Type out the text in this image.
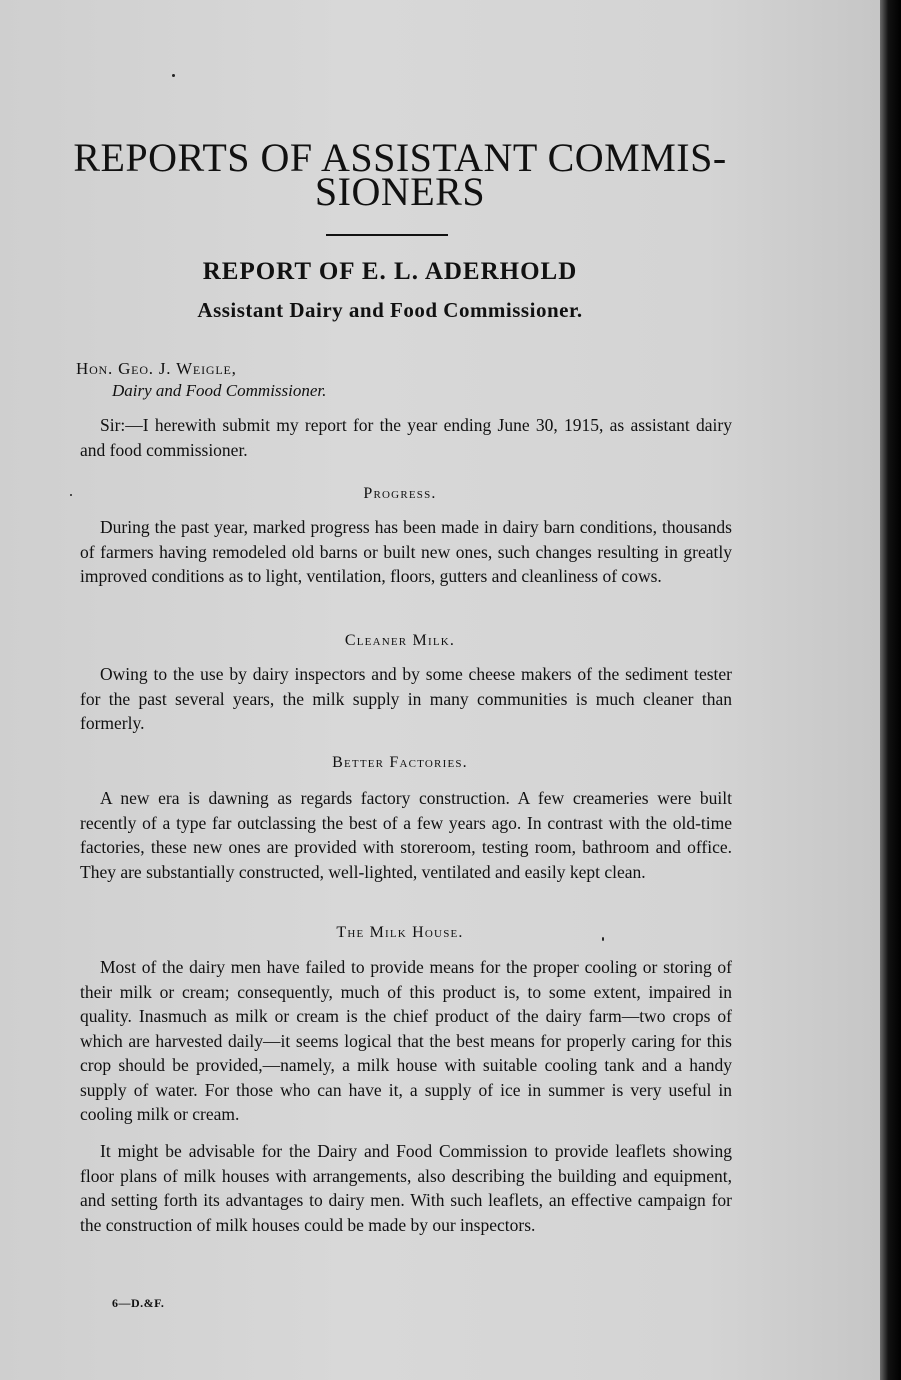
REPORTS OF ASSISTANT COMMIS-
SIONERS
REPORT OF E. L. ADERHOLD
Assistant Dairy and Food Commissioner.

Hon. Geo. J. Weigle,

Dairy and Food Commissioner.

Sir:—I herewith submit my report for the year ending June 30, 1915, as assistant dairy and food commissioner.

Progress.

During the past year, marked progress has been made in dairy barn conditions, thousands of farmers having remodeled old barns or built new ones, such changes resulting in greatly improved conditions as to light, ventilation, floors, gutters and cleanliness of cows.

Cleaner Milk.

Owing to the use by dairy inspectors and by some cheese makers of the sediment tester for the past several years, the milk supply in many communities is much cleaner than formerly.

Better Factories.

A new era is dawning as regards factory construction. A few creameries were built recently of a type far outclassing the best of a few years ago. In contrast with the old-time factories, these new ones are provided with storeroom, testing room, bathroom and office. They are substantially constructed, well-lighted, ventilated and easily kept clean.

The Milk House.

Most of the dairy men have failed to provide means for the proper cooling or storing of their milk or cream; consequently, much of this product is, to some extent, impaired in quality. Inasmuch as milk or cream is the chief product of the dairy farm—two crops of which are harvested daily—it seems logical that the best means for properly caring for this crop should be provided,—namely, a milk house with suitable cooling tank and a handy supply of water. For those who can have it, a supply of ice in summer is very useful in cooling milk or cream.

It might be advisable for the Dairy and Food Commission to provide leaflets showing floor plans of milk houses with arrangements, also describing the building and equipment, and setting forth its advantages to dairy men. With such leaflets, an effective campaign for the construction of milk houses could be made by our inspectors.

6—D.&F.
